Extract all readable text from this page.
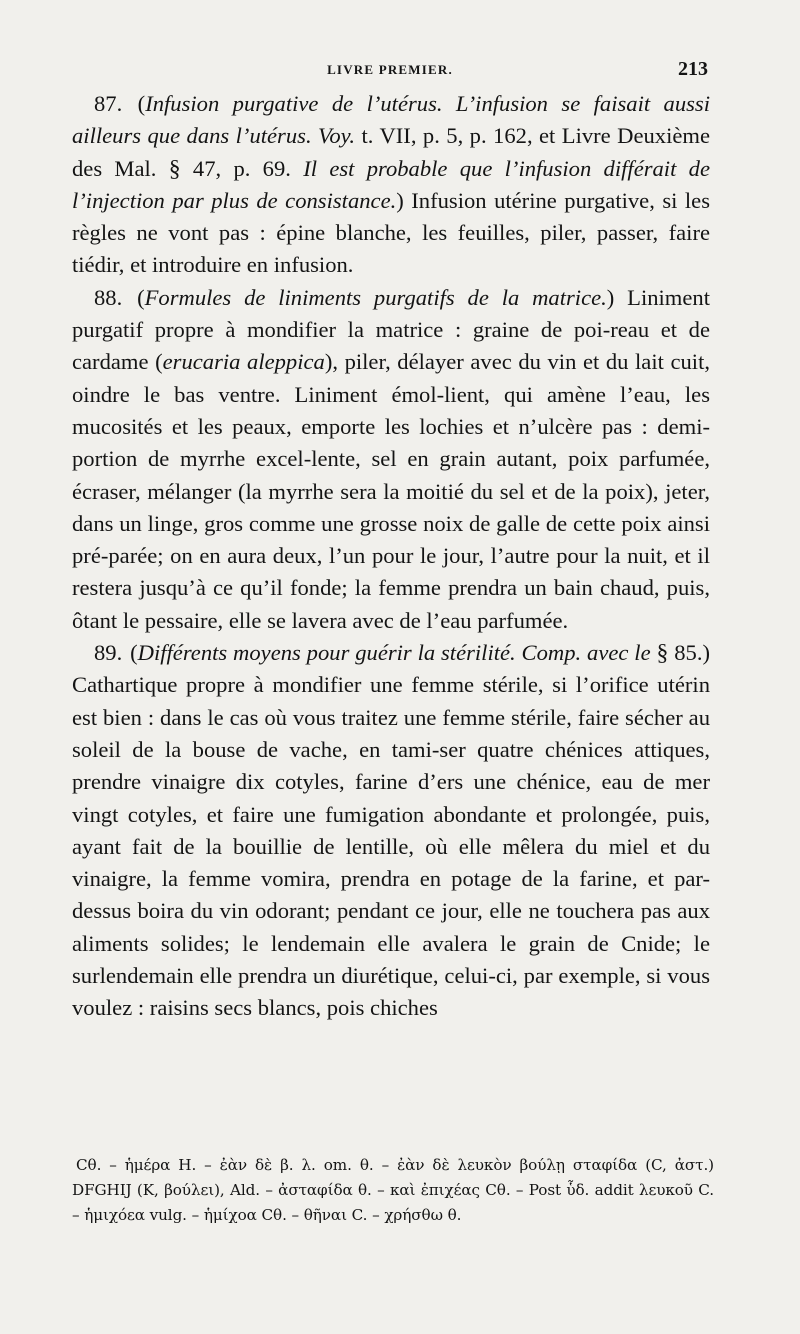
LIVRE PREMIER.	213

87. (Infusion purgative de l’utérus. L’infusion se faisait aussi ailleurs que dans l’utérus. Voy. t. VII, p. 5, p. 162, et Livre Deuxième des Mal. § 47, p. 69. Il est probable que l’infusion différait de l’injection par plus de consistance.) Infusion utérine purgative, si les règles ne vont pas : épine blanche, les feuilles, piler, passer, faire tiédir, et introduire en infusion.

88. (Formules de liniments purgatifs de la matrice.) Liniment purgatif propre à mondifier la matrice : graine de poi-reau et de cardame (erucaria aleppica), piler, délayer avec du vin et du lait cuit, oindre le bas ventre. Liniment émol-lient, qui amène l’eau, les mucosités et les peaux, emporte les lochies et n’ulcère pas : demi-portion de myrrhe excel-lente, sel en grain autant, poix parfumée, écraser, mélanger (la myrrhe sera la moitié du sel et de la poix), jeter, dans un linge, gros comme une grosse noix de galle de cette poix ainsi pré-parée; on en aura deux, l’un pour le jour, l’autre pour la nuit, et il restera jusqu’à ce qu’il fonde; la femme prendra un bain chaud, puis, ôtant le pessaire, elle se lavera avec de l’eau parfumée.

89. (Différents moyens pour guérir la stérilité. Comp. avec le § 85.) Cathartique propre à mondifier une femme stérile, si l’orifice utérin est bien : dans le cas où vous traitez une femme stérile, faire sécher au soleil de la bouse de vache, en tami-ser quatre chénices attiques, prendre vinaigre dix cotyles, farine d’ers une chénice, eau de mer vingt cotyles, et faire une fumigation abondante et prolongée, puis, ayant fait de la bouillie de lentille, où elle mêlera du miel et du vinaigre, la femme vomira, prendra en potage de la farine, et par-dessus boira du vin odorant; pendant ce jour, elle ne touchera pas aux aliments solides; le lendemain elle avalera le grain de Cnide; le surlendemain elle prendra un diurétique, celui-ci, par exemple, si vous voulez : raisins secs blancs, pois chiches

Cθ. – ἡμέρα H. – ἐὰν δὲ β. λ. om. θ. – ἐὰν δὲ λευκὸν βούλῃ σταφίδα (C, ἀστ.) DFGHIJ (K, βούλει), Ald. – ἀσταφίδα θ. – καὶ ἐπιχέας Cθ. – Post ὗδ. addit λευκοῦ C. – ἡμιχόεα vulg. – ἡμίχοα Cθ. – θῆναι C. – χρήσθω θ.
